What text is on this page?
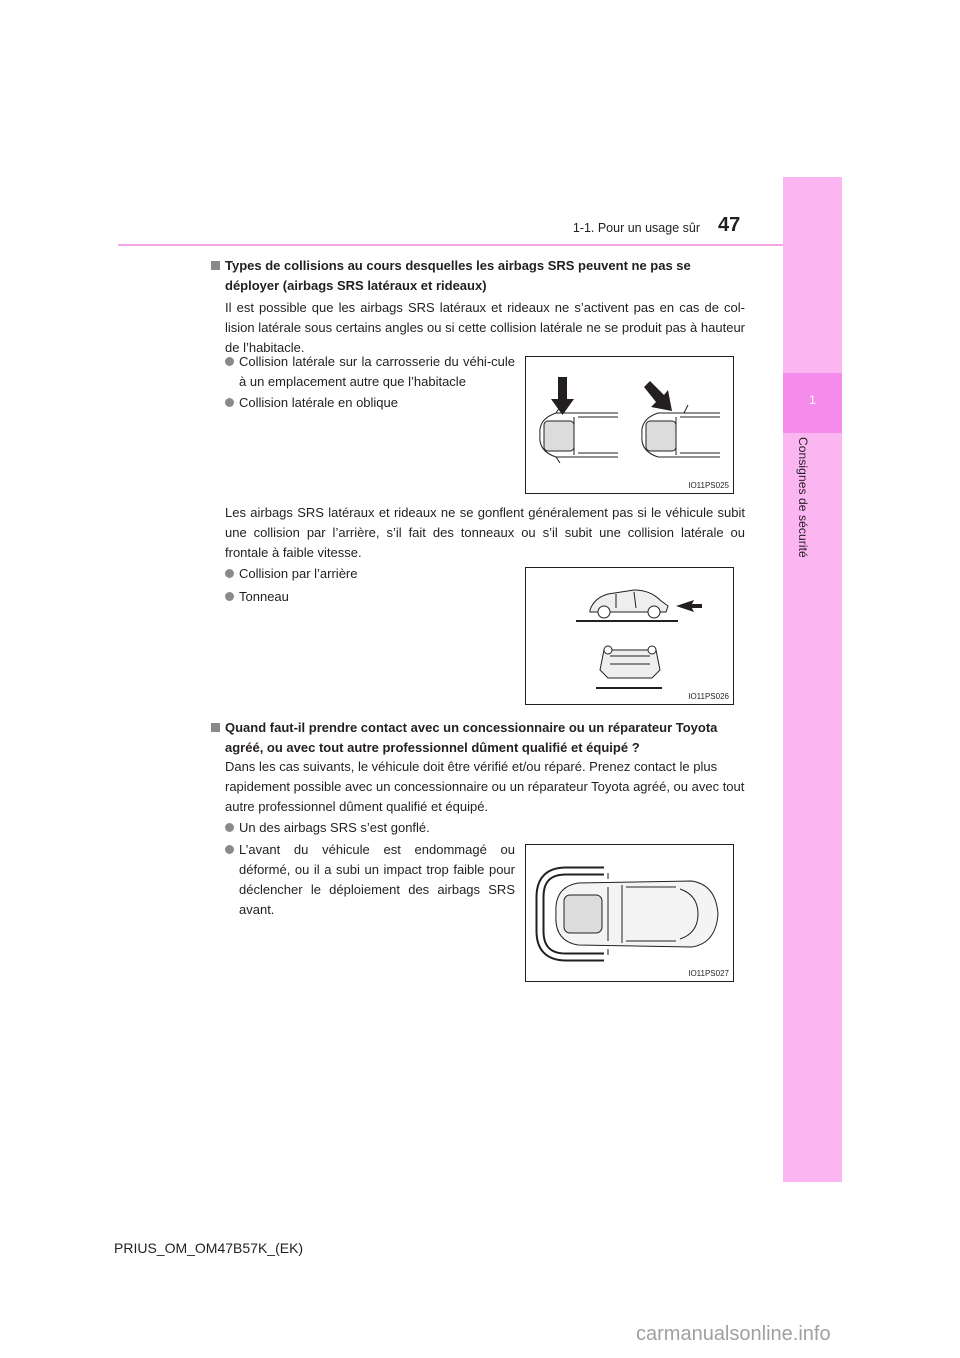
1-1. Pour un usage sûr 47
1
Consignes de sécurité
Types de collisions au cours desquelles les airbags SRS peuvent ne pas se
déployer (airbags SRS latéraux et rideaux)
Il est possible que les airbags SRS latéraux et rideaux ne s’activent pas en cas de col-lision latérale sous certains angles ou si cette collision latérale ne se produit pas à hauteur de l’habitacle.
Collision latérale sur la carrosserie du véhi-cule à un emplacement autre que l’habitacle
Collision latérale en oblique
IO11PS025
Les airbags SRS latéraux et rideaux ne se gonflent généralement pas si le véhicule subit une collision par l’arrière, s’il fait des tonneaux ou s’il subit une collision latérale ou frontale à faible vitesse.
Collision par l’arrière
Tonneau
IO11PS026
Quand faut-il prendre contact avec un concessionnaire ou un réparateur Toyota
agréé, ou avec tout autre professionnel dûment qualifié et équipé ?
Dans les cas suivants, le véhicule doit être vérifié et/ou réparé. Prenez contact le plus rapidement possible avec un concessionnaire ou un réparateur Toyota agréé, ou avec tout autre professionnel dûment qualifié et équipé.
Un des airbags SRS s’est gonflé.
L’avant du véhicule est endommagé ou déformé, ou il a subi un impact trop faible pour déclencher le déploiement des airbags SRS avant.
IO11PS027
PRIUS_OM_OM47B57K_(EK)
carmanualsonline.info
